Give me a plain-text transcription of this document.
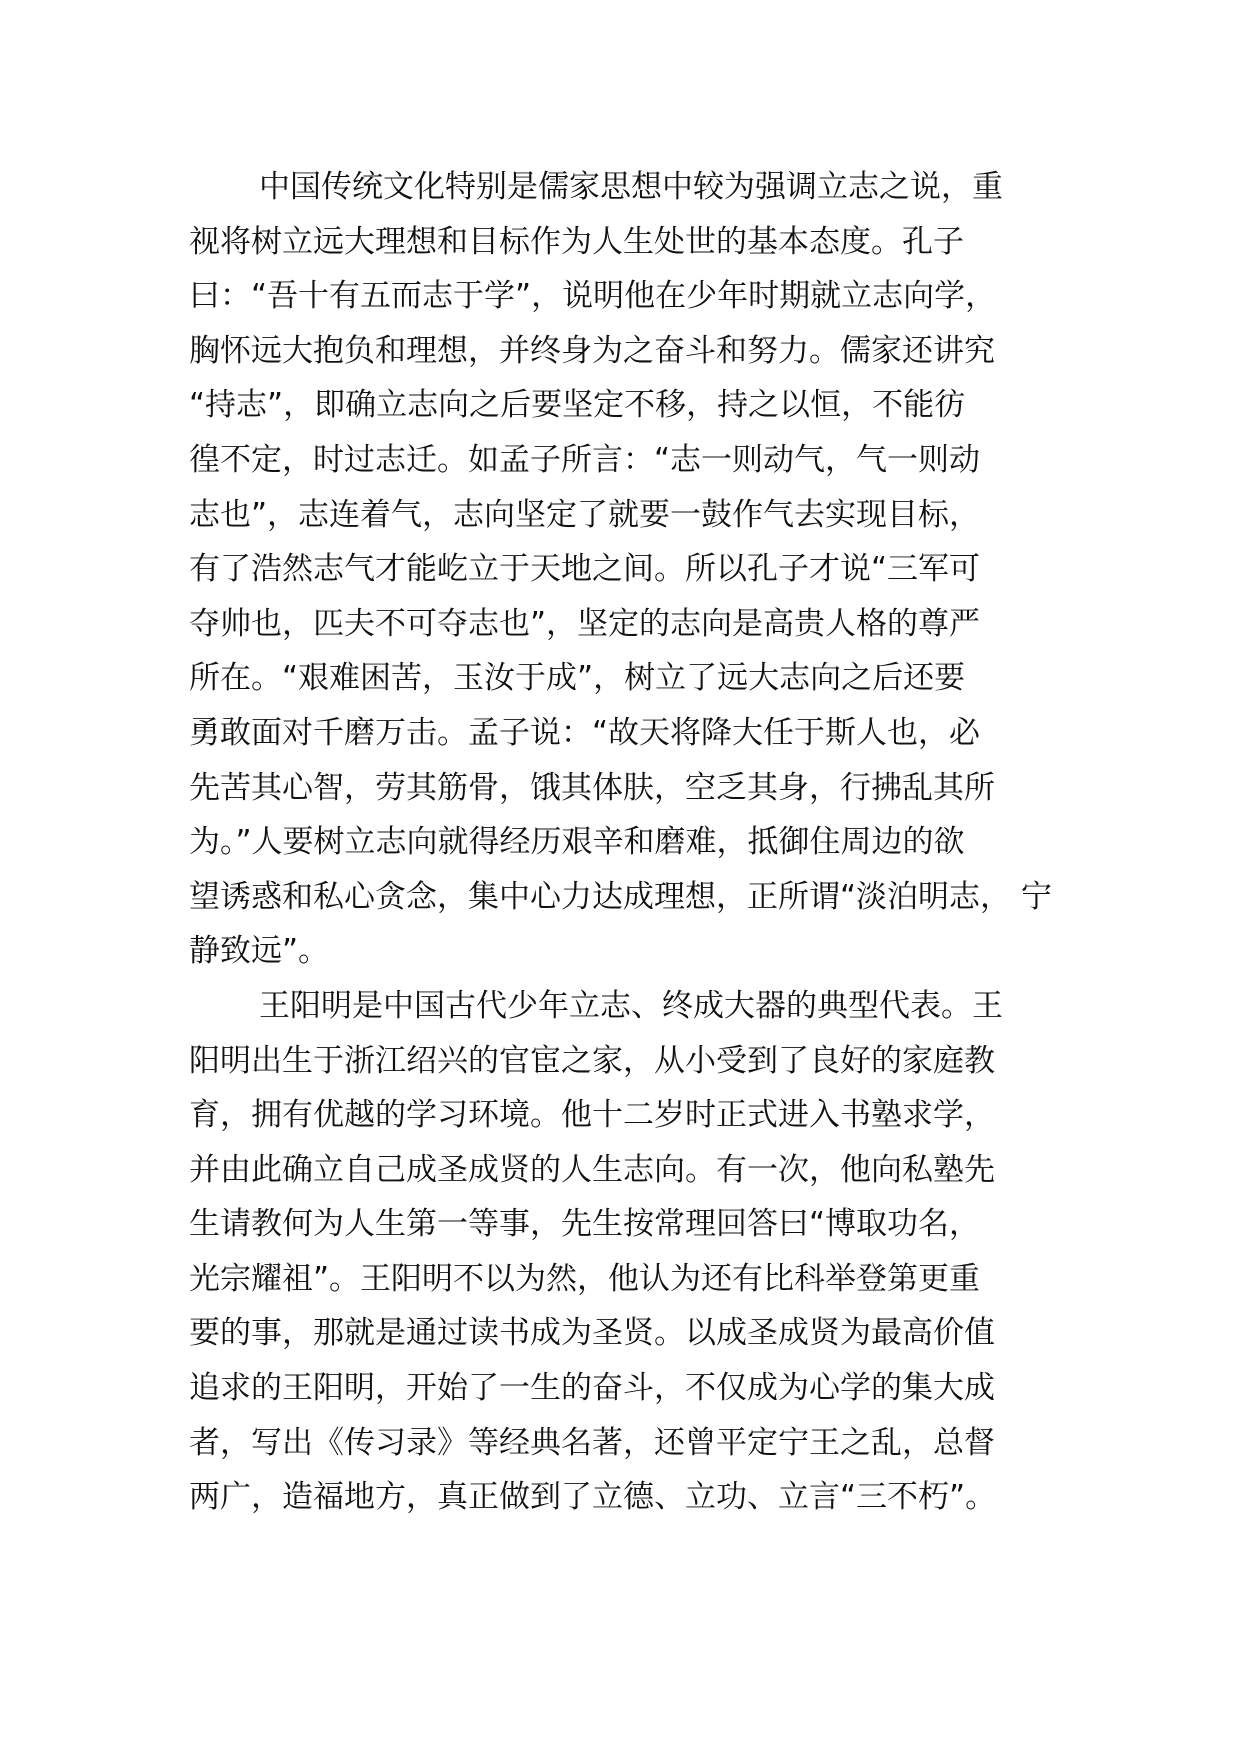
中国传统文化特别是儒家思想中较为强调立志之说，重
视将树立远大理想和目标作为人生处世的基本态度。孔子
曰：“吾十有五而志于学”，说明他在少年时期就立志向学，
胸怀远大抱负和理想，并终身为之奋斗和努力。儒家还讲究
“持志”，即确立志向之后要坚定不移，持之以恒，不能彷
徨不定，时过志迁。如孟子所言：“志一则动气，气一则动
志也”，志连着气，志向坚定了就要一鼓作气去实现目标，
有了浩然志气才能屹立于天地之间。所以孔子才说“三军可
夺帅也，匹夫不可夺志也”，坚定的志向是高贵人格的尊严
所在。“艰难困苦，玉汝于成”，树立了远大志向之后还要
勇敢面对千磨万击。孟子说：“故天将降大任于斯人也，必
先苦其心智，劳其筋骨，饿其体肤，空乏其身，行拂乱其所
为。”人要树立志向就得经历艰辛和磨难，抵御住周边的欲
望诱惑和私心贪念，集中心力达成理想，正所谓“淡泊明志， 宁
静致远”。
王阳明是中国古代少年立志、终成大器的典型代表。王
阳明出生于浙江绍兴的官宦之家，从小受到了良好的家庭教
育，拥有优越的学习环境。他十二岁时正式进入书塾求学，
并由此确立自己成圣成贤的人生志向。有一次，他向私塾先
生请教何为人生第一等事，先生按常理回答曰“博取功名，
光宗耀祖”。王阳明不以为然，他认为还有比科举登第更重
要的事，那就是通过读书成为圣贤。以成圣成贤为最高价值
追求的王阳明，开始了一生的奋斗，不仅成为心学的集大成
者，写出《传习录》等经典名著，还曾平定宁王之乱，总督
两广，造福地方，真正做到了立德、立功、立言“三不朽”。
